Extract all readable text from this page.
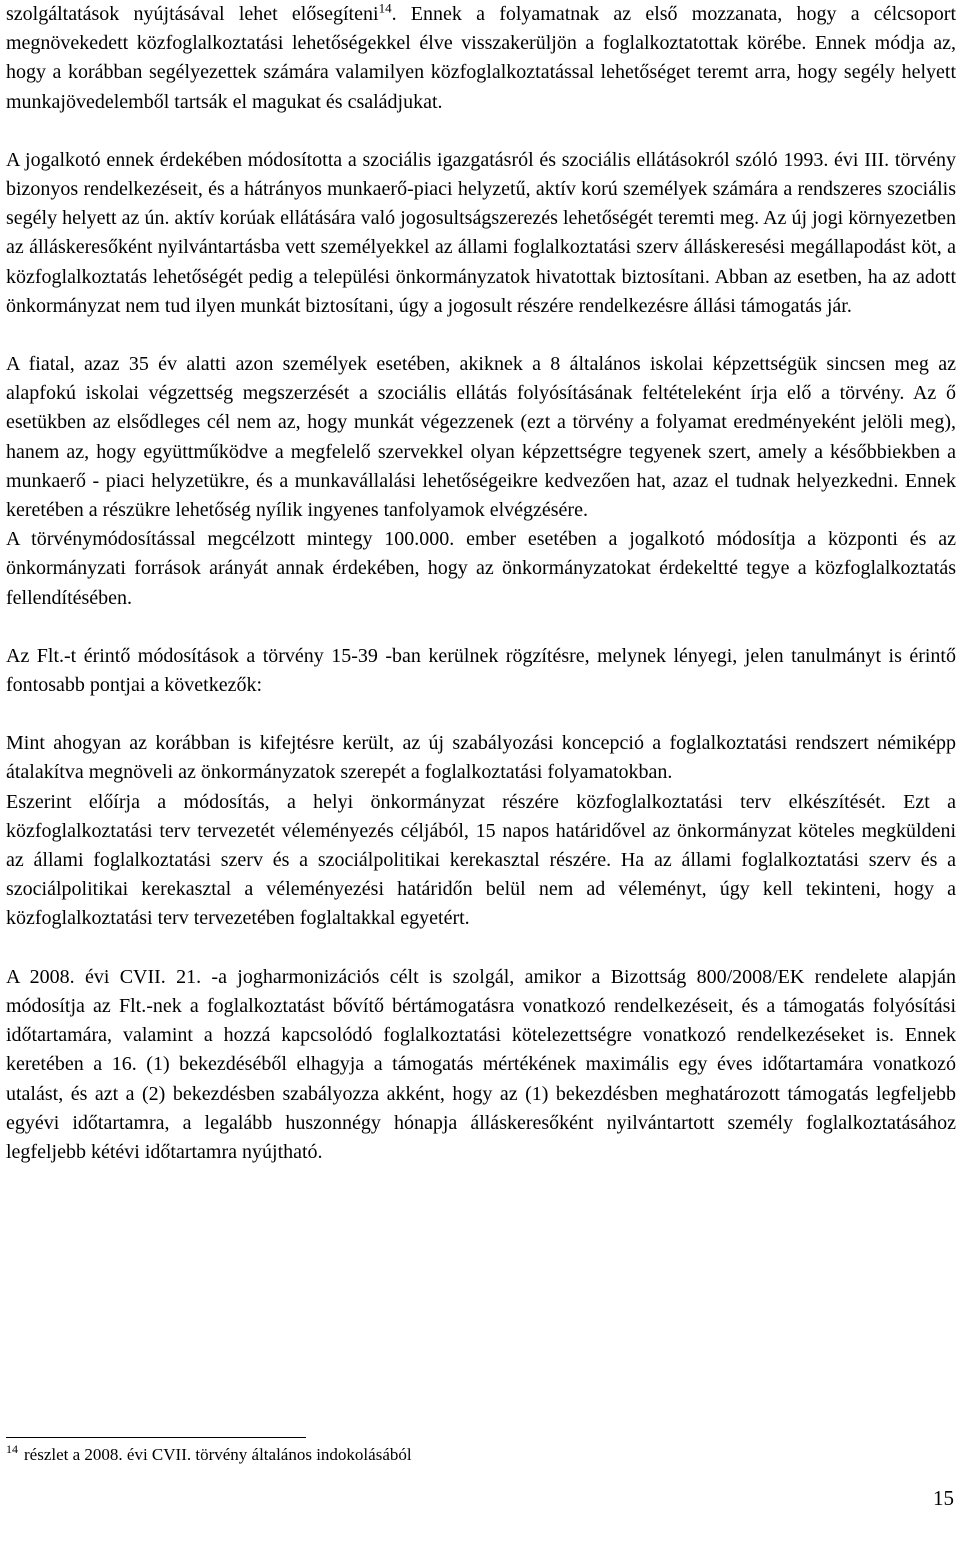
szolgáltatások nyújtásával lehet elősegíteni$^{14}$. Ennek a folyamatnak az első mozzanata, hogy a célcsoport megnövekedett közfoglalkoztatási lehetőségekkel élve visszakerüljön a foglalkoztatottak körébe. Ennek módja az, hogy a korábban segélyezettek számára valamilyen közfoglalkoztatással lehetőséget teremt arra, hogy segély helyett munkajövedelemből tartsák el magukat és családjukat.

A jogalkotó ennek érdekében módosította a szociális igazgatásról és szociális ellátásokról szóló 1993. évi III. törvény bizonyos rendelkezéseit, és a hátrányos munkaerő-piaci helyzetű, aktív korú személyek számára a rendszeres szociális segély helyett az ún. aktív korúak ellátására való jogosultságszerezés lehetőségét teremti meg. Az új jogi környezetben az álláskeresőként nyilvántartásba vett személyekkel az állami foglalkoztatási szerv álláskeresési megállapodást köt, a közfoglalkoztatás lehetőségét pedig a települési önkormányzatok hivatottak biztosítani. Abban az esetben, ha az adott önkormányzat nem tud ilyen munkát biztosítani, úgy a jogosult részére rendelkezésre állási támogatás jár.

A fiatal, azaz 35 év alatti azon személyek esetében, akiknek a 8 általános iskolai képzettségük sincsen meg az alapfokú iskolai végzettség megszerzését a szociális ellátás folyósításának feltételeként írja elő a törvény. Az ő esetükben az elsődleges cél nem az, hogy munkát végezzenek (ezt a törvény a folyamat eredményeként jelöli meg), hanem az, hogy együttműködve a megfelelő szervekkel olyan képzettségre tegyenek szert, amely a későbbiekben a munkaerő - piaci helyzetükre, és a munkavállalási lehetőségeikre kedvezően hat, azaz el tudnak helyezkedni. Ennek keretében a részükre lehetőség nyílik ingyenes tanfolyamok elvégzésére.

A törvénymódosítással megcélzott mintegy 100.000. ember esetében a jogalkotó módosítja a központi és az önkormányzati források arányát annak érdekében, hogy az önkormányzatokat érdekeltté tegye a közfoglalkoztatás fellendítésében.

Az Flt.-t érintő módosítások a törvény 15-39 -ban kerülnek rögzítésre, melynek lényegi, jelen tanulmányt is érintő fontosabb pontjai a következők:

Mint ahogyan az korábban is kifejtésre került, az új szabályozási koncepció a foglalkoztatási rendszert némiképp átalakítva megnöveli az önkormányzatok szerepét a foglalkoztatási folyamatokban.

Eszerint előírja a módosítás, a helyi önkormányzat részére közfoglalkoztatási terv elkészítését. Ezt a közfoglalkoztatási terv tervezetét véleményezés céljából, 15 napos határidővel az önkormányzat köteles megküldeni az állami foglalkoztatási szerv és a szociálpolitikai kerekasztal részére. Ha az állami foglalkoztatási szerv és a szociálpolitikai kerekasztal a véleményezési határidőn belül nem ad véleményt, úgy kell tekinteni, hogy a közfoglalkoztatási terv tervezetében foglaltakkal egyetért.

A 2008. évi CVII. 21. -a jogharmonizációs célt is szolgál, amikor a Bizottság 800/2008/EK rendelete alapján módosítja az Flt.-nek a foglalkoztatást bővítő bértámogatásra vonatkozó rendelkezéseit, és a támogatás folyósítási időtartamára, valamint a hozzá kapcsolódó foglalkoztatási kötelezettségre vonatkozó rendelkezéseket is. Ennek keretében a 16. (1) bekezdéséből elhagyja a támogatás mértékének maximális egy éves időtartamára vonatkozó utalást, és azt a (2) bekezdésben szabályozza akként, hogy az (1) bekezdésben meghatározott támogatás legfeljebb egyévi időtartamra, a legalább huszonnégy hónapja álláskeresőként nyilvántartott személy foglalkoztatásához legfeljebb kétévi időtartamra nyújtható.

$^{14}$ részlet a 2008. évi CVII. törvény általános indokolásából
15
